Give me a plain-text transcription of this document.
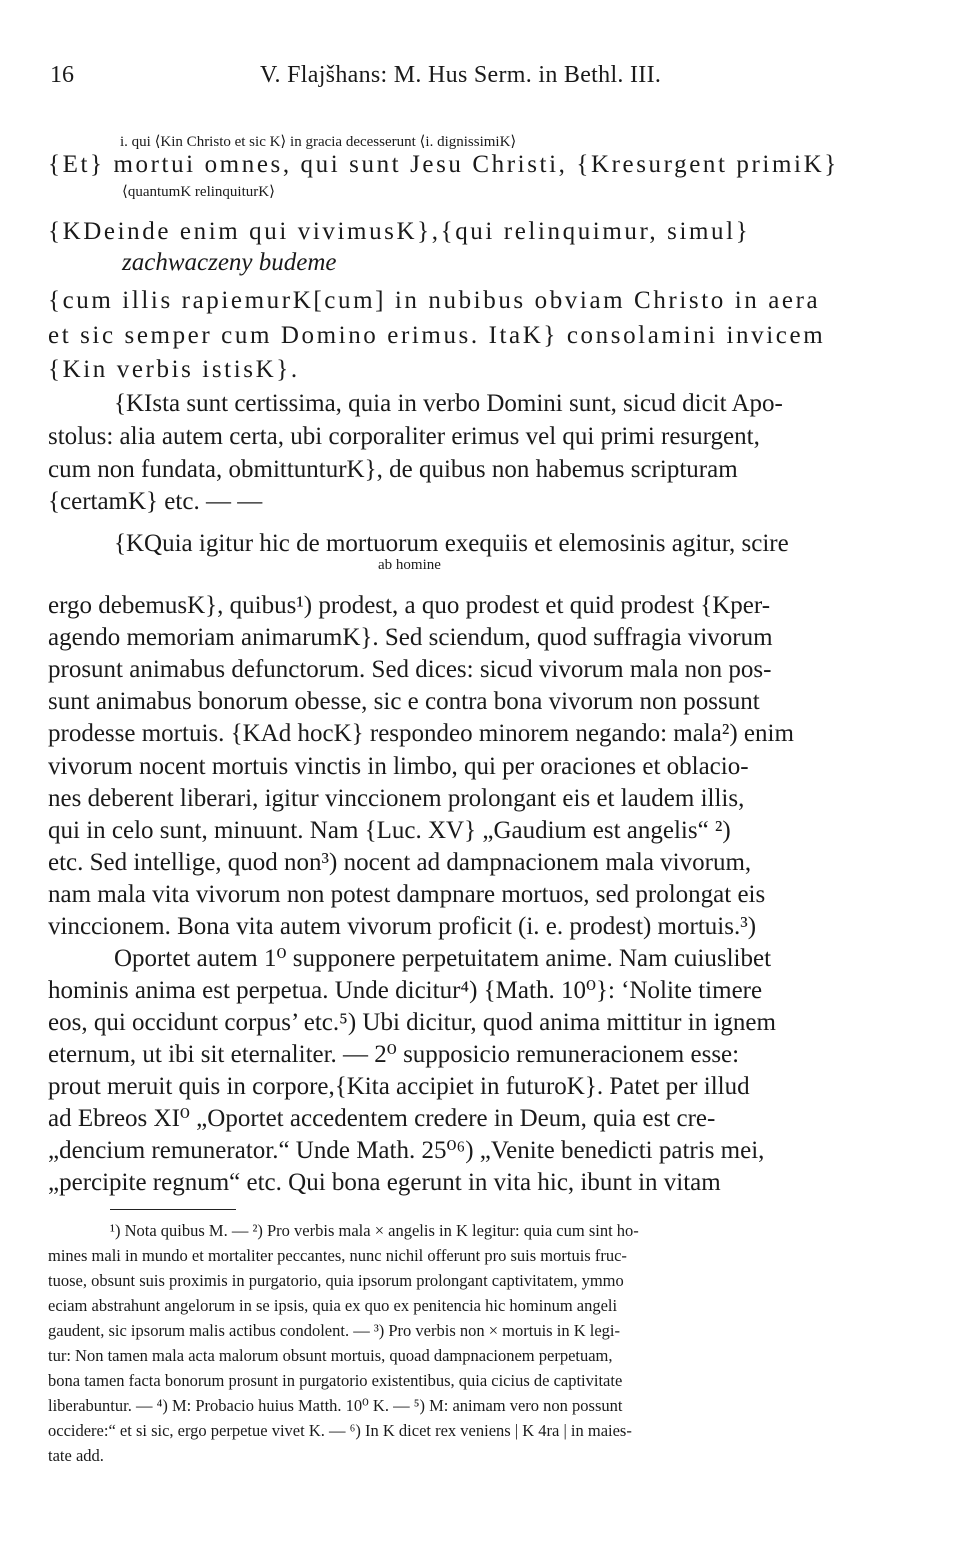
16	V. Flajšhans: M. Hus Serm. in Bethl. III.
i. qui ⟨Kin Christo et sic K⟩ in gracia decesserunt ⟨i. dignissimiK⟩
{Et} mortui omnes, qui sunt Jesu Christi, {Kresurgent primiK}
⟨quantumK relinquiturK⟩
{KDeinde enim qui vivimusK},{qui relinquimur, simul}
zachwaczeny budeme
{cum illis rapiemurK[cum] in nubibus obviam Christo in aera
et sic semper cum Domino erimus. ItaK} consolamini invicem
{Kin verbis istisK}.
{KIsta sunt certissima, quia in verbo Domini sunt, sicud dicit Apo-
stolus: alia autem certa, ubi corporaliter erimus vel qui primi resurgent,
cum non fundata, obmittunturK}, de quibus non habemus scripturam
{certamK} etc. — —
{KQuia igitur hic de mortuorum exequiis et elemosinis agitur, scire
ab homine
ergo debemusK}, quibus¹) prodest, a quo prodest et quid prodest {Kper-
agendo memoriam animarumK}. Sed sciendum, quod suffragia vivorum
prosunt animabus defunctorum. Sed dices: sicud vivorum mala non pos-
sunt animabus bonorum obesse, sic e contra bona vivorum non possunt
prodesse mortuis. {KAd hocK} respondeo minorem negando: mala²) enim
vivorum nocent mortuis vinctis in limbo, qui per oraciones et oblacio-
nes deberent liberari, igitur vinccionem prolongant eis et laudem illis,
qui in celo sunt, minuunt. Nam {Luc. XV} „Gaudium est angelis“ ²)
etc. Sed intellige, quod non³) nocent ad dampnacionem mala vivorum,
nam mala vita vivorum non potest dampnare mortuos, sed prolongat eis
vinccionem. Bona vita autem vivorum proficit (i. e. prodest) mortuis.³)
Oportet autem 1⁰ supponere perpetuitatem anime. Nam cuiuslibet
hominis anima est perpetua. Unde dicitur⁴) {Math. 10⁰}: ‘Nolite timere
eos, qui occidunt corpus’ etc.⁵) Ubi dicitur, quod anima mittitur in ignem
eternum, ut ibi sit eternaliter. — 2⁰ supposicio remuneracionem esse:
prout meruit quis in corpore,{Kita accipiet in futuroK}. Patet per illud
ad Ebreos XI⁰ „Oportet accedentem credere in Deum, quia est cre-
„dencium remunerator.“ Unde Math. 25⁰⁶) „Venite benedicti patris mei,
„percipite regnum“ etc. Qui bona egerunt in vita hic, ibunt in vitam
¹) Nota quibus M. — ²) Pro verbis mala × angelis in K legitur: quia cum sint ho-
mines mali in mundo et mortaliter peccantes, nunc nichil offerunt pro suis mortuis fruc-
tuose, obsunt suis proximis in purgatorio, quia ipsorum prolongant captivitatem, ymmo
eciam abstrahunt angelorum in se ipsis, quia ex quo ex penitencia hic hominum angeli
gaudent, sic ipsorum malis actibus condolent. — ³) Pro verbis non × mortuis in K legi-
tur: Non tamen mala acta malorum obsunt mortuis, quoad dampnacionem perpetuam,
bona tamen facta bonorum prosunt in purgatorio existentibus, quia cicius de captivitate
liberabuntur. — ⁴) M: Probacio huius Matth. 10⁰ K. — ⁵) M: animam vero non possunt
occidere:“ et si sic, ergo perpetue vivet K. — ⁶) In K dicet rex veniens | K 4ra | in maies-
tate add.
